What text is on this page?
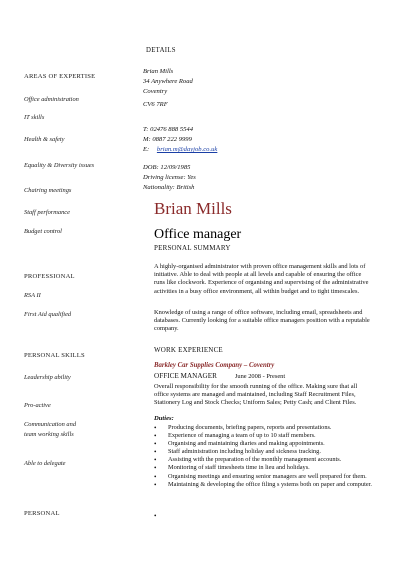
DETAILS
AREAS OF EXPERTISE
Office administration
IT skills
Health & safety
Equality & Diversity issues
Chairing meetings
Staff performance
Budget control
PROFESSIONAL
RSA II
First Aid qualified
PERSONAL SKILLS
Leadership ability
Pro-active
Communication and
team working skills
Able to delegate
PERSONAL
Brian Mills
34 Anywhere Road
Coventry
CV6 7RF
T: 02476 888 5544
M: 0887 222 9999
E: brian.m@dayjob.co.uk
DOB: 12/09/1985
Driving license: Yes
Nationality: British
Brian Mills
Office manager
PERSONAL SUMMARY
A highly-organised administrator with proven office management skills and lots of initiative. Able to deal with people at all levels and capable of ensuring the office runs like clockwork. Experience of organising and supervising of the administrative activities in a busy office environment, all within budget and to tight timescales.
Knowledge of using a range of office software, including email, spreadsheets and databases. Currently looking for a suitable office managers position with a reputable company.
WORK EXPERIENCE
Barkley Car Supplies Company – Coventry
OFFICE MANAGER	June 2008 - Present
Overall responsibility for the smooth running of the office. Making sure that all office systems are managed and maintained, including Staff Recruitment Files, Stationery Log and Stock Checks; Uniform Sales; Petty Cash; and Client Files.
Duties:
• Producing documents, briefing papers, reports and presentations.
• Experience of managing a team of up to 10 staff members.
• Organising and maintaining diaries and making appointments.
• Staff administration including holiday and sickness tracking.
• Assisting with the preparation of the monthly management accounts.
• Monitoring of staff timesheets time in lieu and holidays.
• Organising meetings and ensuring senior managers are well prepared for them.
• Maintaining & developing the office filing s ystems both on paper and computer.
•
